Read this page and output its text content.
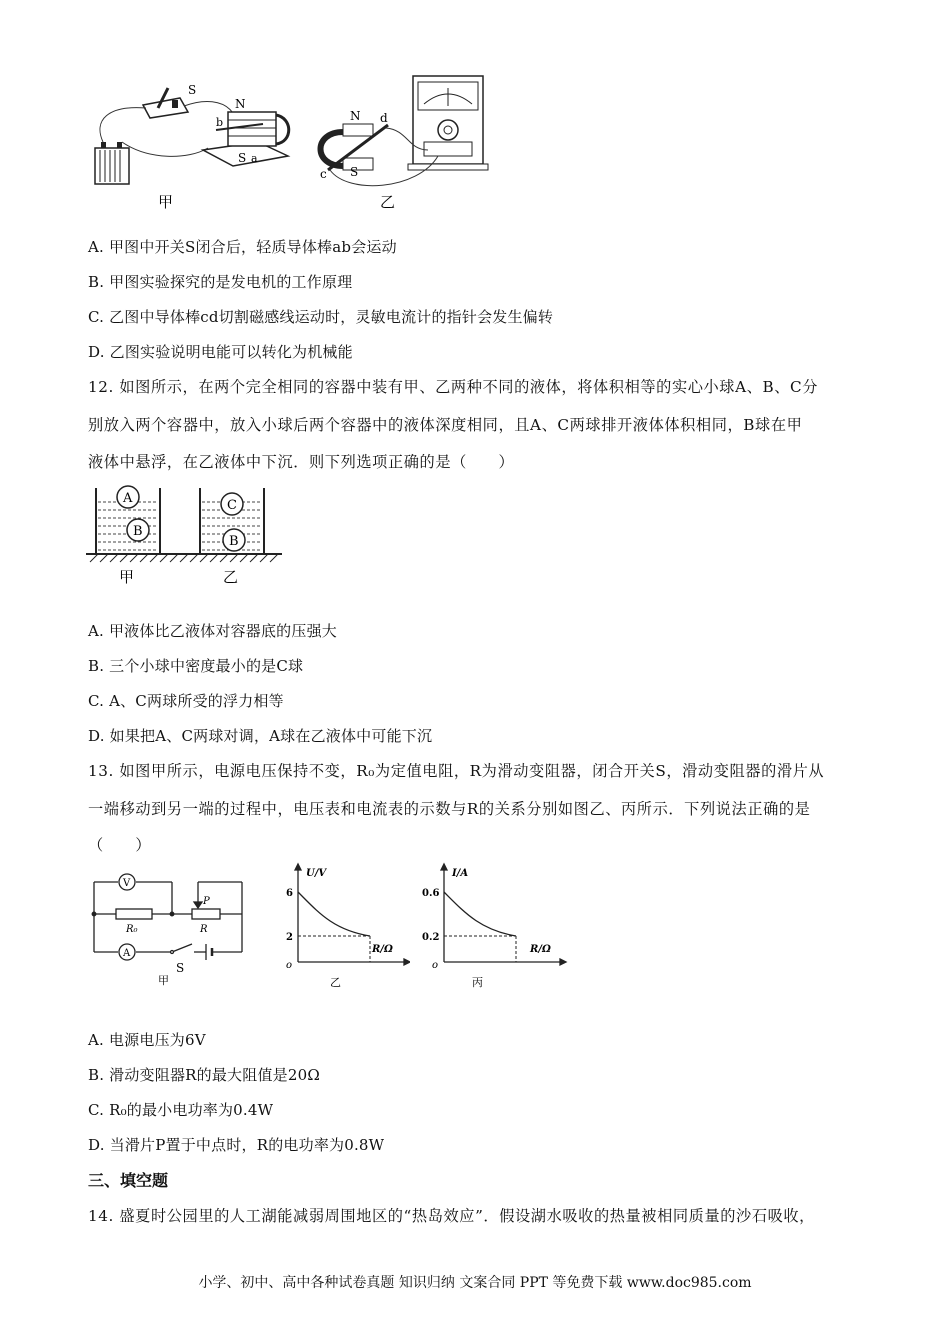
S
N
b
S a
甲
N d
c S
乙
A. 甲图中开关S闭合后，轻质导体棒ab会运动
B. 甲图实验探究的是发电机的工作原理
C. 乙图中导体棒cd切割磁感线运动时，灵敏电流计的指针会发生偏转
D. 乙图实验说明电能可以转化为机械能
12. 如图所示，在两个完全相同的容器中装有甲、乙两种不同的液体，将体积相等的实心小球A、B、C分
别放入两个容器中，放入小球后两个容器中的液体深度相同，且A、C两球排开液体体积相同，B球在甲
液体中悬浮，在乙液体中下沉．则下列选项正确的是（　　）
A
B
C
B
甲	乙
A. 甲液体比乙液体对容器底的压强大
B. 三个小球中密度最小的是C球
C. A、C两球所受的浮力相等
D. 如果把A、C两球对调，A球在乙液体中可能下沉
13. 如图甲所示，电源电压保持不变，R₀为定值电阻，R为滑动变阻器，闭合开关S，滑动变阻器的滑片从
一端移动到另一端的过程中，电压表和电流表的示数与R的关系分别如图乙、丙所示．下列说法正确的是
（　　）
V
A
P
R₀	R
S
甲
U/V
R/Ω
6
2
o
乙
I/A
R/Ω
0.6
0.2
o
丙
A. 电源电压为6V
B. 滑动变阻器R的最大阻值是20Ω
C. R₀的最小电功率为0.4W
D. 当滑片P置于中点时，R的电功率为0.8W
三、填空题
14. 盛夏时公园里的人工湖能减弱周围地区的“热岛效应”．假设湖水吸收的热量被相同质量的沙石吸收，
小学、初中、高中各种试卷真题 知识归纳 文案合同 PPT 等免费下载 www.doc985.com
